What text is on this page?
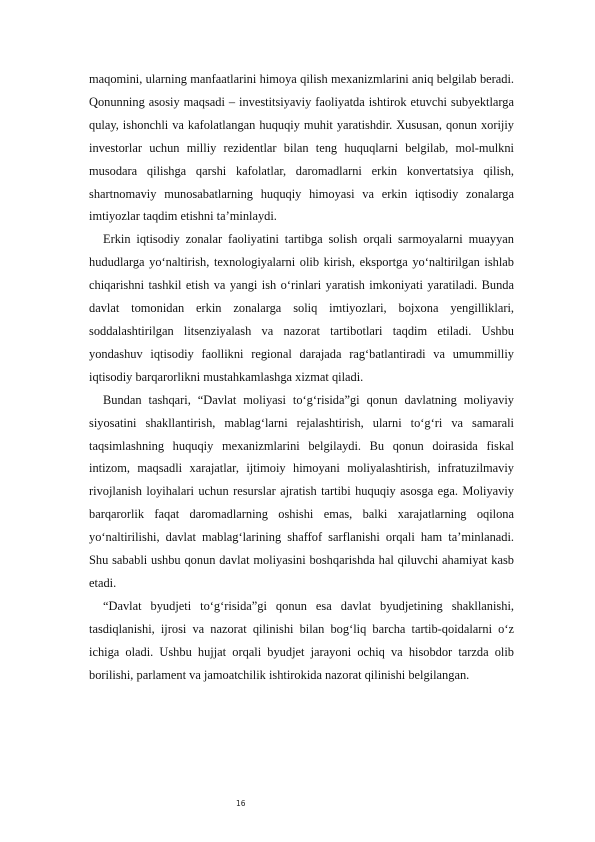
maqomini, ularning manfaatlarini himoya qilish mexanizmlarini aniq belgilab beradi. Qonunning asosiy maqsadi – investitsiyaviy faoliyatda ishtirok etuvchi subyektlarga qulay, ishonchli va kafolatlangan huquqiy muhit yaratishdir. Xususan, qonun xorijiy investorlar uchun milliy rezidentlar bilan teng huquqlarni belgilab, mol-mulkni musodara qilishga qarshi kafolatlar, daromadlarni erkin konvertatsiya qilish, shartnomaviy munosabatlarning huquqiy himoyasi va erkin iqtisodiy zonalarga imtiyozlar taqdim etishni ta’minlaydi.

Erkin iqtisodiy zonalar faoliyatini tartibga solish orqali sarmoyalarni muayyan hududlarga yo‘naltirish, texnologiyalarni olib kirish, eksportga yo‘naltirilgan ishlab chiqarishni tashkil etish va yangi ish o‘rinlari yaratish imkoniyati yaratiladi. Bunda davlat tomonidan erkin zonalarga soliq imtiyozlari, bojxona yengilliklari, soddalashtirilgan litsenziyalash va nazorat tartibotlari taqdim etiladi. Ushbu yondashuv iqtisodiy faollikni regional darajada rag‘batlantiradi va umummilliy iqtisodiy barqarorlikni mustahkamlashga xizmat qiladi.

Bundan tashqari, “Davlat moliyasi to‘g‘risida”gi qonun davlatning moliyaviy siyosatini shakllantirish, mablag‘larni rejalashtirish, ularni to‘g‘ri va samarali taqsimlashning huquqiy mexanizmlarini belgilaydi. Bu qonun doirasida fiskal intizom, maqsadli xarajatlar, ijtimoiy himoyani moliyalashtirish, infratuzilmaviy rivojlanish loyihalari uchun resurslar ajratish tartibi huquqiy asosga ega. Moliyaviy barqarorlik faqat daromadlarning oshishi emas, balki xarajatlarning oqilona yo‘naltirilishi, davlat mablag‘larining shaffof sarflanishi orqali ham ta’minlanadi. Shu sababli ushbu qonun davlat moliyasini boshqarishda hal qiluvchi ahamiyat kasb etadi.

“Davlat byudjeti to‘g‘risida”gi qonun esa davlat byudjetining shakllanishi, tasdiqlanishi, ijrosi va nazorat qilinishi bilan bog‘liq barcha tartib-qoidalarni o‘z ichiga oladi. Ushbu hujjat orqali byudjet jarayoni ochiq va hisobdor tarzda olib borilishi, parlament va jamoatchilik ishtirokida nazorat qilinishi belgilangan.

16
